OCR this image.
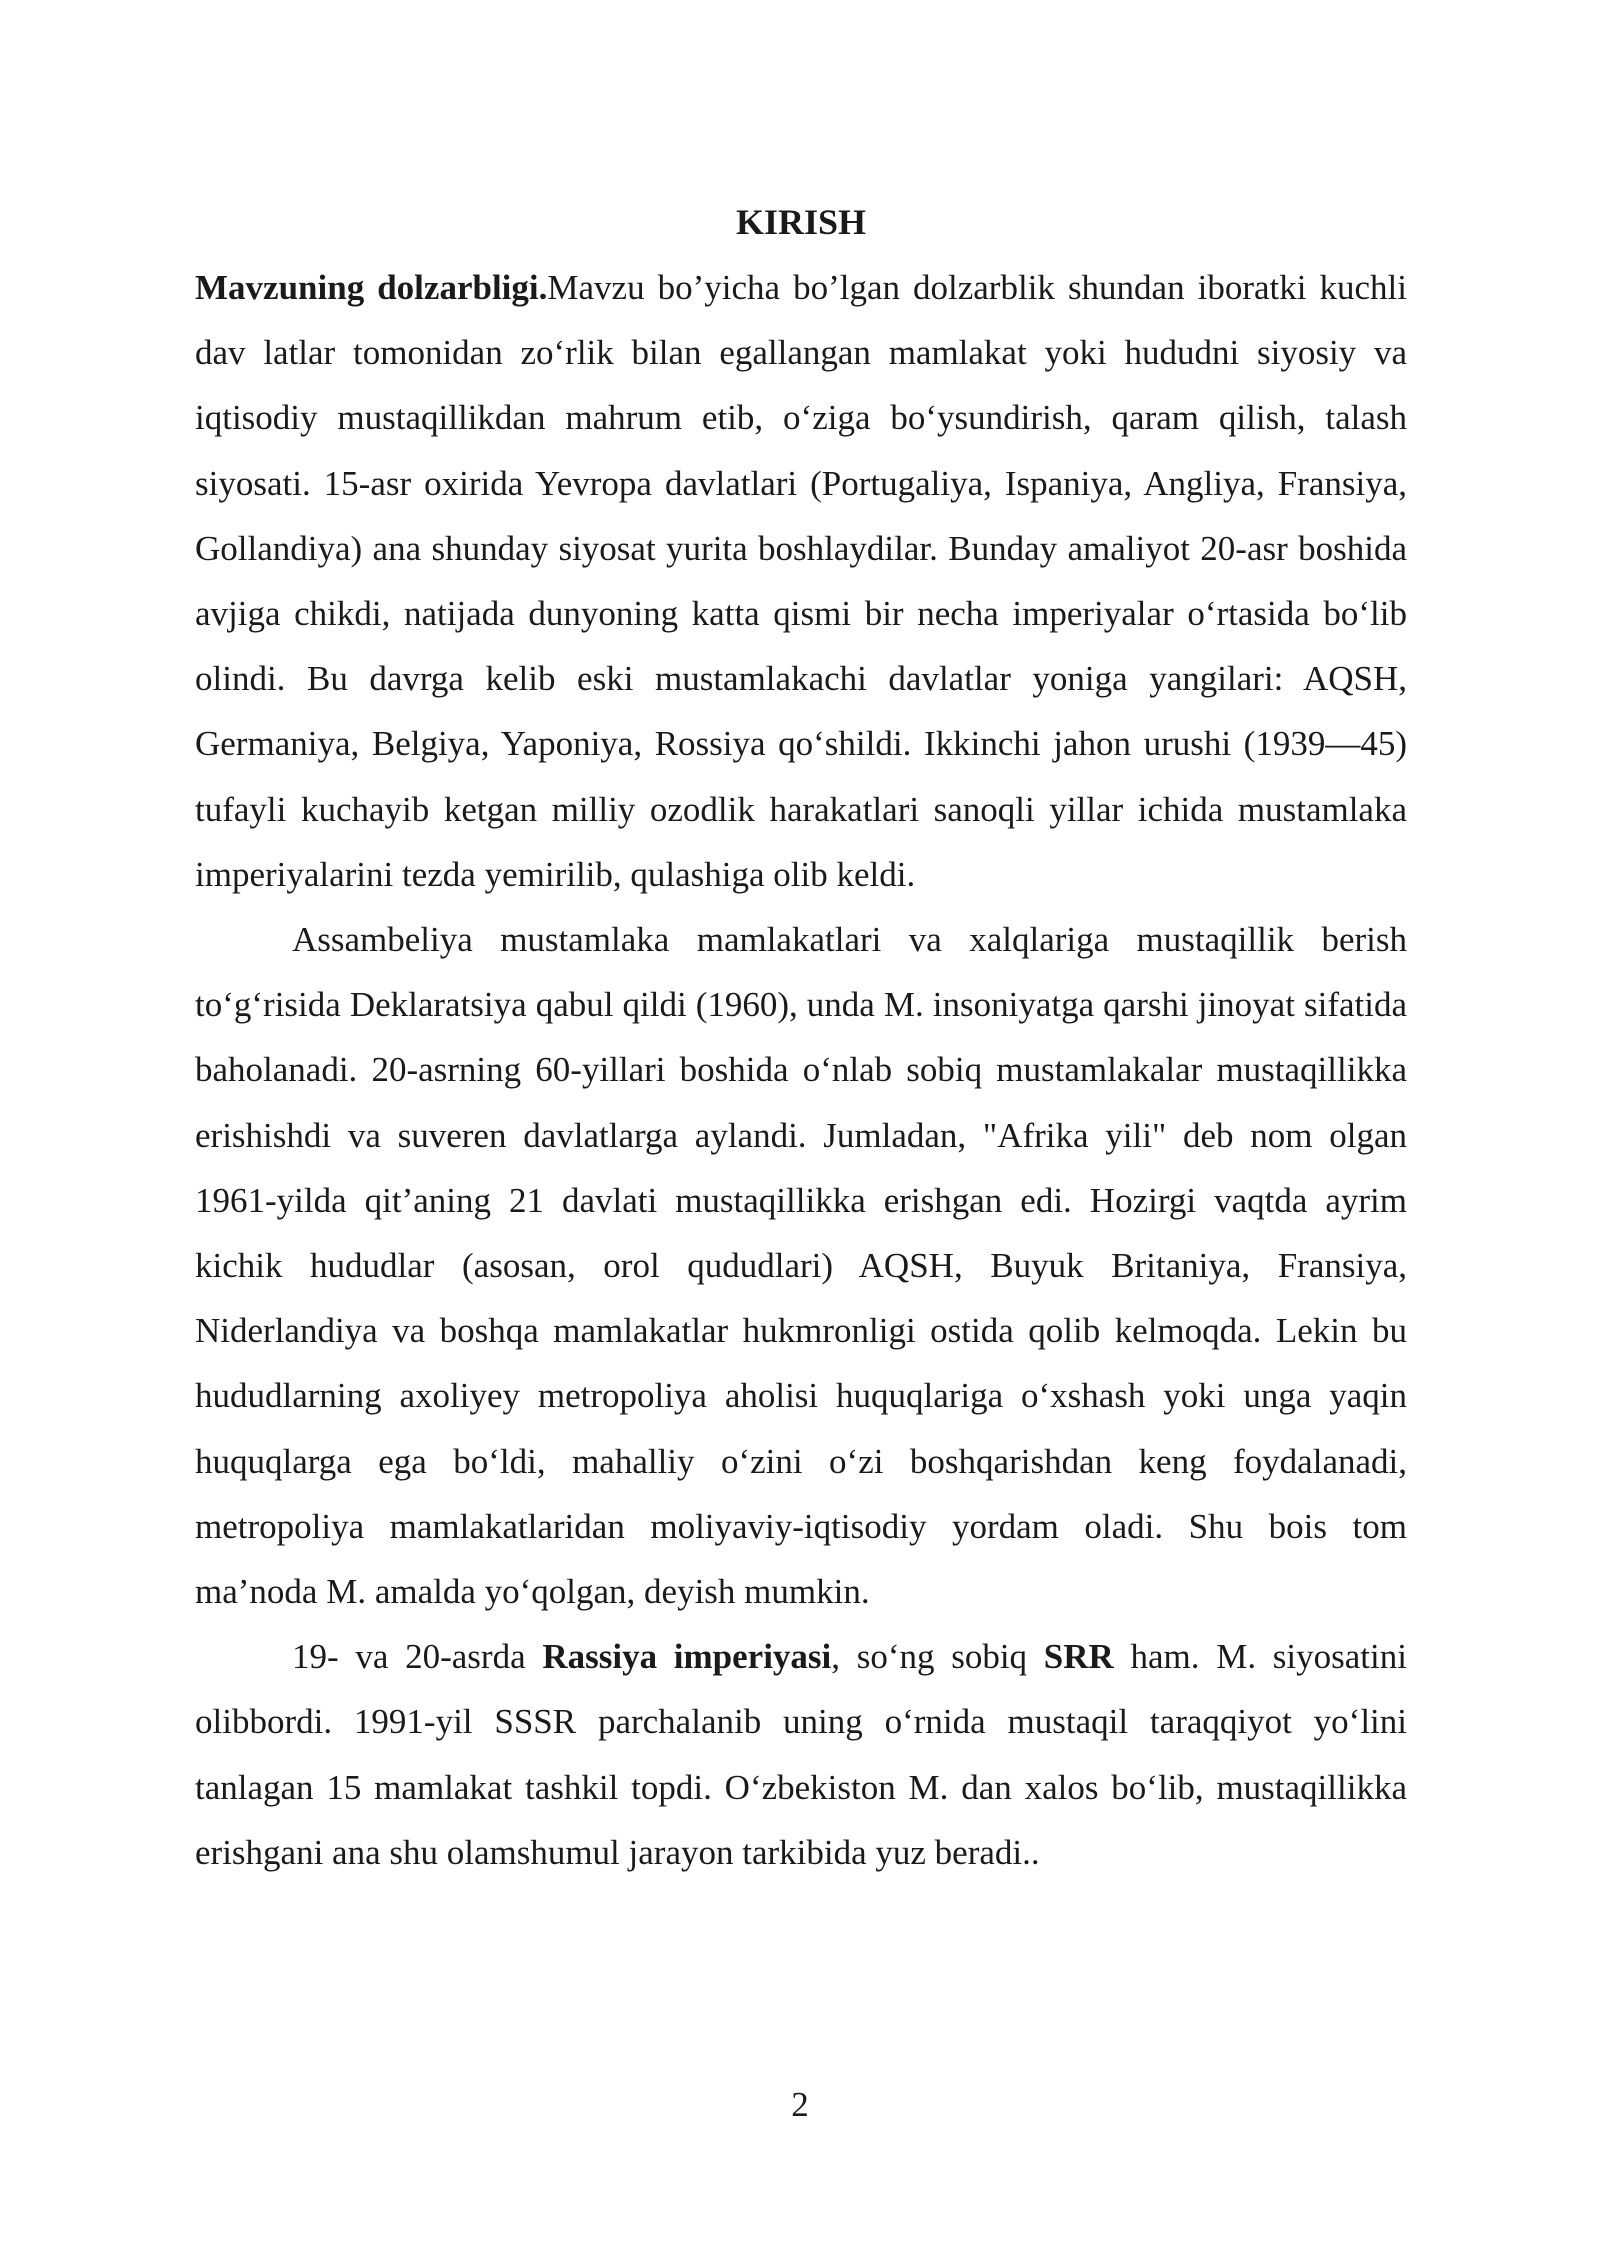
KIRISH

Mavzuning dolzarbligi.Mavzu bo’yicha bo’lgan dolzarblik shundan iboratki kuchli dav latlar tomonidan zoʻrlik bilan egallangan mamlakat yoki hududni siyosiy va iqtisodiy mustaqillikdan mahrum etib, oʻziga boʻysundirish, qaram qilish, talash siyosati. 15-asr oxirida Yevropa davlatlari (Portugaliya, Ispaniya, Angliya, Fransiya, Gollandiya) ana shunday siyosat yurita boshlaydilar. Bunday amaliyot 20-asr boshida avjiga chikdi, natijada dunyoning katta qismi bir necha imperiyalar oʻrtasida boʻlib olindi. Bu davrga kelib eski mustamlakachi davlatlar yoniga yangilari: AQSH, Germaniya, Belgiya, Yaponiya, Rossiya qoʻshildi. Ikkinchi jahon urushi (1939—45) tufayli kuchayib ketgan milliy ozodlik harakatlari sanoqli yillar ichida mustamlaka imperiyalarini tezda yemirilib, qulashiga olib keldi.

Assambeliya mustamlaka mamlakatlari va xalqlariga mustaqillik berish toʻgʻrisida Deklaratsiya qabul qildi (1960), unda M. insoniyatga qarshi jinoyat sifatida baholanadi. 20-asrning 60-yillari boshida oʻnlab sobiq mustamlakalar mustaqillikka erishishdi va suveren davlatlarga aylandi. Jumladan, "Afrika yili" deb nom olgan 1961-yilda qit’aning 21 davlati mustaqillikka erishgan edi. Hozirgi vaqtda ayrim kichik hududlar (asosan, orol qududlari) AQSH, Buyuk Britaniya, Fransiya, Niderlandiya va boshqa mamlakatlar hukmronligi ostida qolib kelmoqda. Lekin bu hududlarning axoliyey metropoliya aholisi huquqlariga oʻxshash yoki unga yaqin huquqlarga ega boʻldi, mahalliy oʻzini oʻzi boshqarishdan keng foydalanadi, metropoliya mamlakatlaridan moliyaviy-iqtisodiy yordam oladi. Shu bois tom ma’noda M. amalda yoʻqolgan, deyish mumkin.

19- va 20-asrda Rassiya imperiyasi, soʻng sobiq SRR ham. M. siyosatini olibbordi. 1991-yil SSSR parchalanib uning oʻrnida mustaqil taraqqiyot yoʻlini tanlagan 15 mamlakat tashkil topdi. Oʻzbekiston M. dan xalos boʻlib, mustaqillikka erishgani ana shu olamshumul jarayon tarkibida yuz beradi..

2
